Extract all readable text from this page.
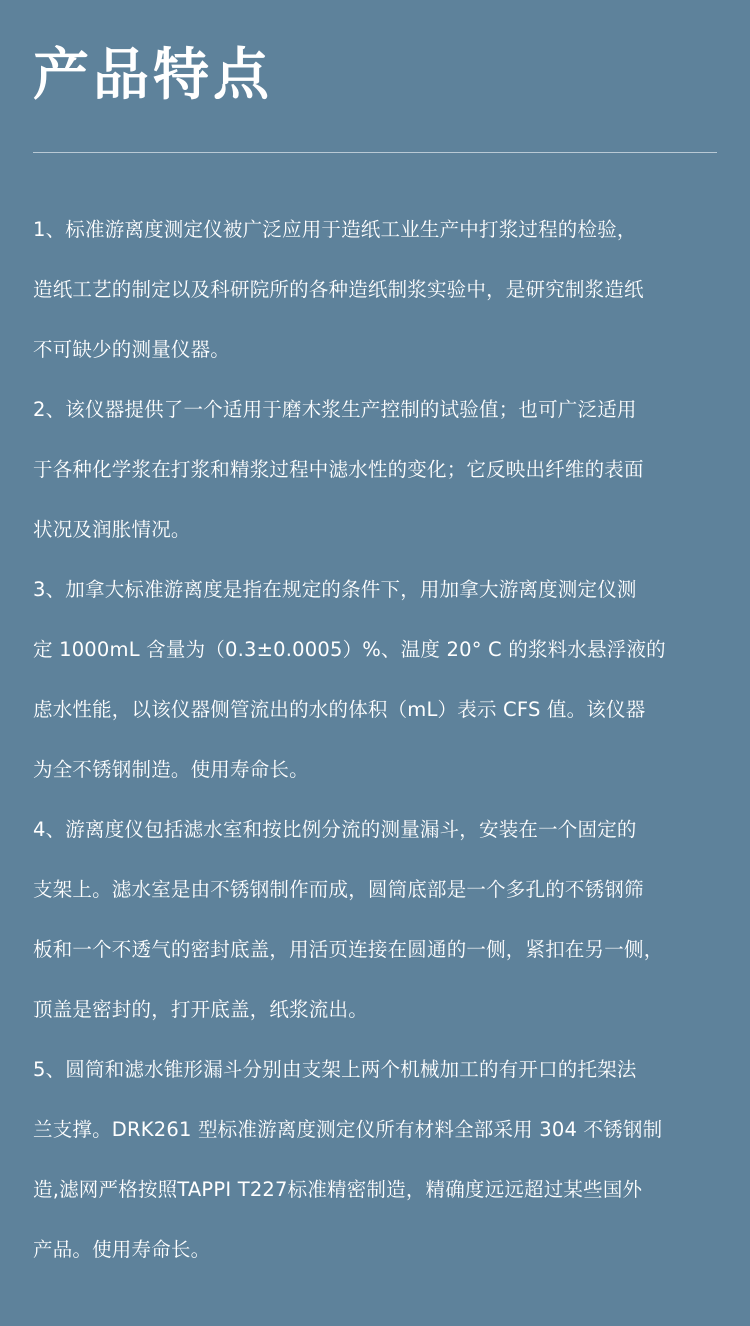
产品特点
1、标准游离度测定仪被广泛应用于造纸工业生产中打浆过程的检验，
造纸工艺的制定以及科研院所的各种造纸制浆实验中，是研究制浆造纸
不可缺少的测量仪器。
2、该仪器提供了一个适用于磨木浆生产控制的试验值；也可广泛适用
于各种化学浆在打浆和精浆过程中滤水性的变化；它反映出纤维的表面
状况及润胀情况。
3、加拿大标准游离度是指在规定的条件下，用加拿大游离度测定仪测
定 1000mL 含量为（0.3±0.0005）%、温度 20° C 的浆料水悬浮液的
虑水性能，以该仪器侧管流出的水的体积（mL）表示 CFS 值。该仪器
为全不锈钢制造。使用寿命长。
4、游离度仪包括滤水室和按比例分流的测量漏斗，安装在一个固定的
支架上。滤水室是由不锈钢制作而成，圆筒底部是一个多孔的不锈钢筛
板和一个不透气的密封底盖，用活页连接在圆通的一侧，紧扣在另一侧，
顶盖是密封的，打开底盖，纸浆流出。
5、圆筒和滤水锥形漏斗分别由支架上两个机械加工的有开口的托架法
兰支撑。DRK261 型标准游离度测定仪所有材料全部采用 304 不锈钢制
造,滤网严格按照TAPPI T227标准精密制造，精确度远远超过某些国外
产品。使用寿命长。
